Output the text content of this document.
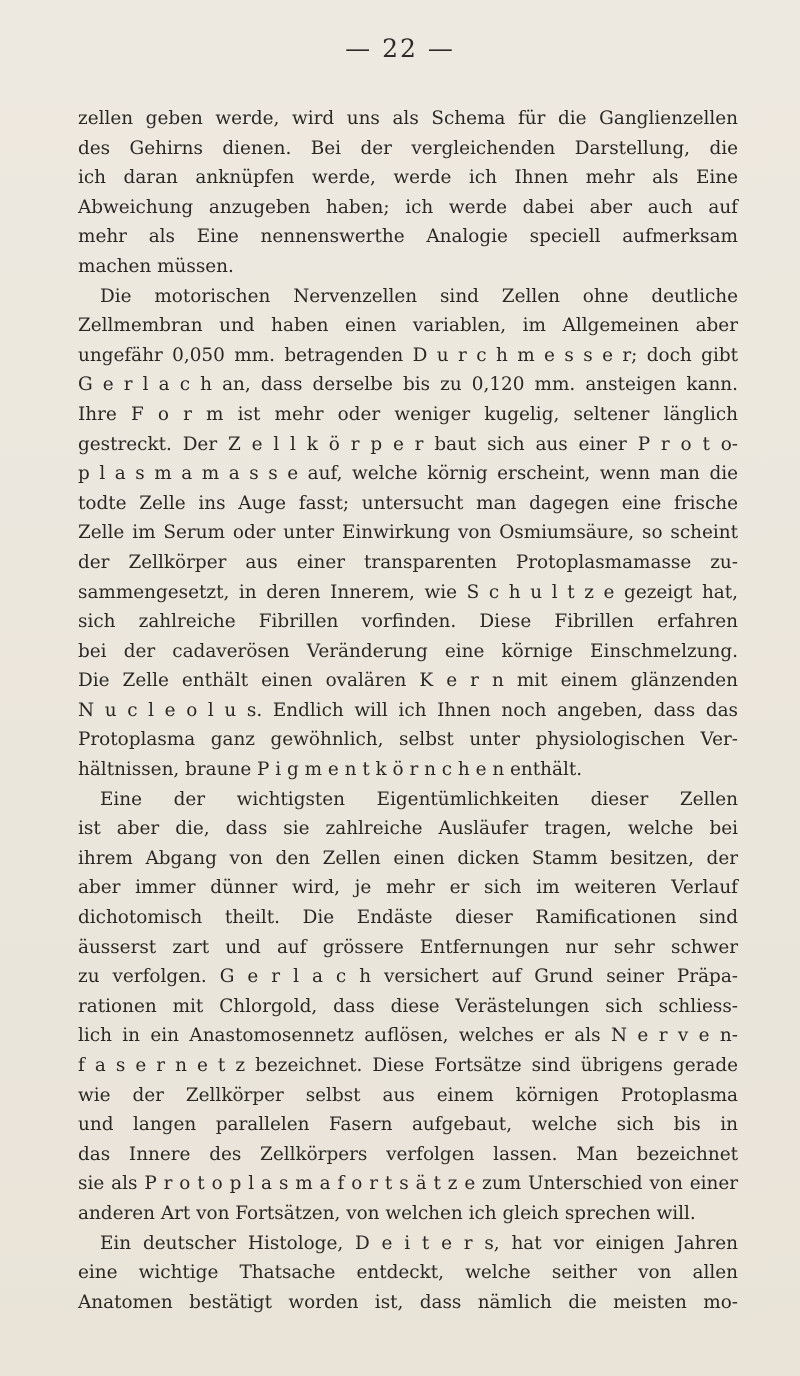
— 22 —
zellen geben werde, wird uns als Schema für die Ganglienzellen
des Gehirns dienen. Bei der vergleichenden Darstellung, die
ich daran anknüpfen werde, werde ich Ihnen mehr als Eine
Abweichung anzugeben haben; ich werde dabei aber auch auf
mehr als Eine nennenswerthe Analogie speciell aufmerksam
machen müssen.
Die motorischen Nervenzellen sind Zellen ohne deutliche
Zellmembran und haben einen variablen, im Allgemeinen aber
ungefähr 0,050 mm. betragenden D u r c h m e s s e r; doch gibt
G e r l a c h an, dass derselbe bis zu 0,120 mm. ansteigen kann.
Ihre F o r m ist mehr oder weniger kugelig, seltener länglich
gestreckt. Der Z e l l k ö r p e r baut sich aus einer P r o t o-
p l a s m a m a s s e auf, welche körnig erscheint, wenn man die
todte Zelle ins Auge fasst; untersucht man dagegen eine frische
Zelle im Serum oder unter Einwirkung von Osmiumsäure, so scheint
der Zellkörper aus einer transparenten Protoplasmamasse zu-
sammengesetzt, in deren Innerem, wie S c h u l t z e gezeigt hat,
sich zahlreiche Fibrillen vorfinden. Diese Fibrillen erfahren
bei der cadaverösen Veränderung eine körnige Einschmelzung.
Die Zelle enthält einen ovalären K e r n mit einem glänzenden
N u c l e o l u s. Endlich will ich Ihnen noch angeben, dass das
Protoplasma ganz gewöhnlich, selbst unter physiologischen Ver-
hältnissen, braune P i g m e n t k ö r n c h e n enthält.
Eine der wichtigsten Eigentümlichkeiten dieser Zellen
ist aber die, dass sie zahlreiche Ausläufer tragen, welche bei
ihrem Abgang von den Zellen einen dicken Stamm besitzen, der
aber immer dünner wird, je mehr er sich im weiteren Verlauf
dichotomisch theilt. Die Endäste dieser Ramificationen sind
äusserst zart und auf grössere Entfernungen nur sehr schwer
zu verfolgen. G e r l a c h versichert auf Grund seiner Präpa-
rationen mit Chlorgold, dass diese Verästelungen sich schliess-
lich in ein Anastomosennetz auflösen, welches er als N e r v e n-
f a s e r n e t z bezeichnet. Diese Fortsätze sind übrigens gerade
wie der Zellkörper selbst aus einem körnigen Protoplasma
und langen parallelen Fasern aufgebaut, welche sich bis in
das Innere des Zellkörpers verfolgen lassen. Man bezeichnet
sie als P r o t o p l a s m a f o r t s ä t z e zum Unterschied von einer
anderen Art von Fortsätzen, von welchen ich gleich sprechen will.
Ein deutscher Histologe, D e i t e r s, hat vor einigen Jahren
eine wichtige Thatsache entdeckt, welche seither von allen
Anatomen bestätigt worden ist, dass nämlich die meisten mo-
